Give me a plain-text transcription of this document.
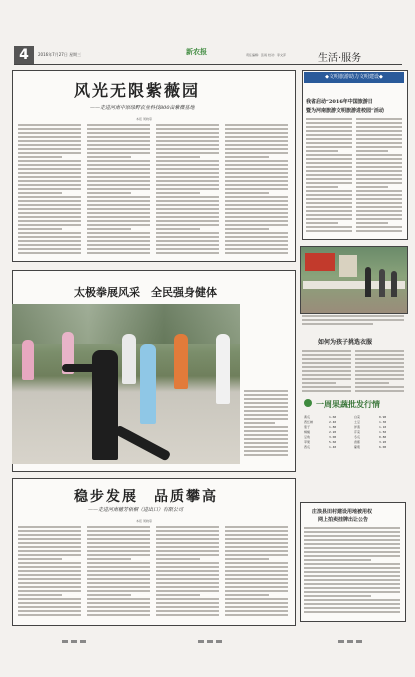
4	2016年7月27日 星期三	新农报	责任编辑：张雨 校对：李文萍	生活·服务
风光无限紫薇园
——走进河南中原绿野农业科技800亩紫薇基地
本报 周晓曼
◆文明旅游助力文明建设◆
我省启动“2016年中国旅游日
暨为河南旅游文明旅游进校园”活动
如何为孩子挑选衣服
一周果蔬批发行情
黄瓜	1.60	白菜	0.90
西红柿	2.40	土豆	1.30
茄子	1.80	洋葱	1.10
辣椒	2.20	芹菜	1.50
豆角	3.00	冬瓜	0.80
苹果	5.60	香蕉	3.20
西瓜	1.40	葡萄	6.00
庄浪县田村建设用地被用权
网上拍卖挂牌出让公告
太极拳展风采　全民强身健体
稳步发展　品质攀高
——走进河南穗芳梧桐（进出口）有限公司
本报 周晓曼
